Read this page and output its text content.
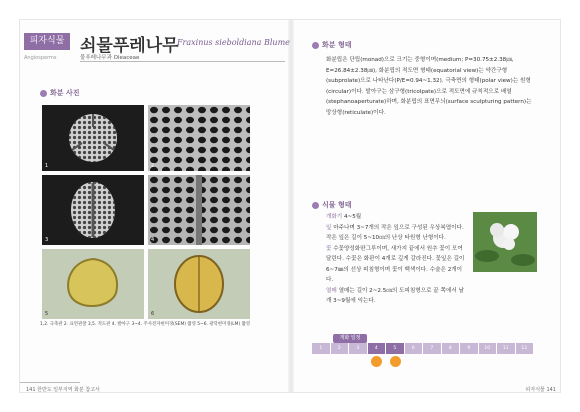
피자식물
Angiosperms
쇠물푸레나무
Fraxinus sieboldiana Blume
물푸레나무과 Oleaceae
화분 사진
1	2
3	4
5	6
1,2. 극축관 2. 표면관찰 3,5. 적도관 4. 발아구 3~4. 주사전자현미경(SEM) 촬영 5~6. 광학현미경(LM) 촬영
141 한반도 일부지역 화분 참고서
화분 형태
화분립은 단립(monad)으로 크기는 중형이며(medium; P=30.75±2.38㎛, E=26.84±2.38㎛), 화분립의 적도면 형태(equatorial view)는 약간구형(subprolate)으로 나타난다(P/E=0.94~1.32). 극축면의 형태(polar view)는 원형(circular)이다. 발아구는 삼구형(tricolpate)으로 적도면에 규칙적으로 배열(stephanoaperturate)하며, 화분립의 표면무늬(surface sculpturing pattern)는 망상형(reticulate)이다.
식물 형태
개화기 4~5월
잎 마주나며 3~7개의 작은 잎으로 구성된 우상복엽이다. 작은 잎은 길이 5~10㎝의 난상 타원형 난형이다.
꽃 수꽃양성화딴그루이며, 새가지 끝에서 원추 꽃이 모여 달린다. 수꽃은 화판이 4개로 깊게 갈라진다. 꽃잎은 길이 6~7㎜의 선상 피침형이며 꽃이 백색이다. 수술은 2개이다.
열매 열매는 길이 2~2.5㎝의 도피침형으로 끝 쪽에서 날개 3~9월에 익는다.
개화 일정
1	2	3	4	5	6	7	8	9	10	11	12
피자식물 141
